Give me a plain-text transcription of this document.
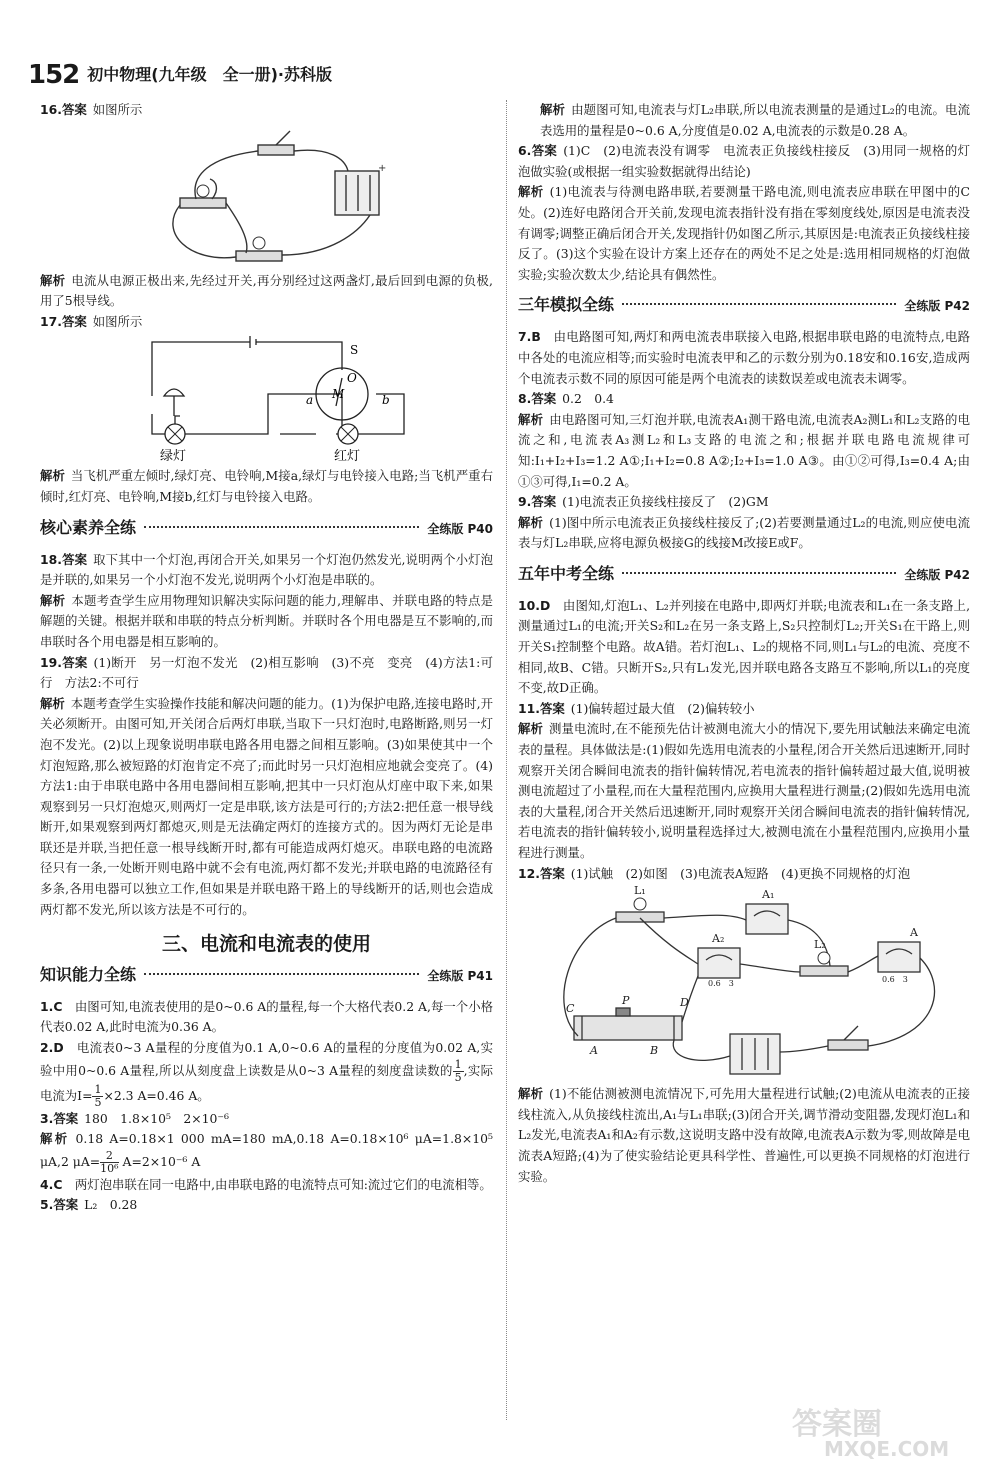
152 初中物理(九年级　全一册)·苏科版
16.答案 如图所示
+
解析 电流从电源正极出来,先经过开关,再分别经过这两盏灯,最后回到电源的负极,用了5根导线。
17.答案 如图所示
S
O
M
a	b
绿灯	红灯
解析 当飞机严重左倾时,绿灯亮、电铃响,M接a,绿灯与电铃接入电路;当飞机严重右倾时,红灯亮、电铃响,M接b,红灯与电铃接入电路。
核心素养全练	全练版 P40
18.答案 取下其中一个灯泡,再闭合开关,如果另一个灯泡仍然发光,说明两个小灯泡是并联的,如果另一个小灯泡不发光,说明两个小灯泡是串联的。
解析 本题考查学生应用物理知识解决实际问题的能力,理解串、并联电路的特点是解题的关键。根据并联和串联的特点分析判断。并联时各个用电器是互不影响的,而串联时各个用电器是相互影响的。
19.答案 (1)断开　另一灯泡不发光　(2)相互影响　(3)不亮　变亮　(4)方法1:可行　方法2:不可行
解析 本题考查学生实验操作技能和解决问题的能力。(1)为保护电路,连接电路时,开关必须断开。由图可知,开关闭合后两灯串联,当取下一只灯泡时,电路断路,则另一灯泡不发光。(2)以上现象说明串联电路各用电器之间相互影响。(3)如果使其中一个灯泡短路,那么被短路的灯泡肯定不亮了;而此时另一只灯泡相应地就会变亮了。(4)方法1:由于串联电路中各用电器间相互影响,把其中一只灯泡从灯座中取下来,如果观察到另一只灯泡熄灭,则两灯一定是串联,该方法是可行的;方法2:把任意一根导线断开,如果观察到两灯都熄灭,则是无法确定两灯的连接方式的。因为两灯无论是串联还是并联,当把任意一根导线断开时,都有可能造成两灯熄灭。串联电路的电流路径只有一条,一处断开则电路中就不会有电流,两灯都不发光;并联电路的电流路径有多条,各用电器可以独立工作,但如果是并联电路干路上的导线断开的话,则也会造成两灯都不发光,所以该方法是不可行的。
三、电流和电流表的使用
知识能力全练	全练版 P41
1.C　 由图可知,电流表使用的是0~0.6 A的量程,每一个大格代表0.2 A,每一个小格代表0.02 A,此时电流为0.36 A。
2.D　 电流表0~3 A量程的分度值为0.1 A,0~0.6 A的量程的分度值为0.02 A,实验中用0~0.6 A量程,所以从刻度盘上读数是从0~3 A量程的刻度盘读数的 $\frac{1}{5}$ ,实际电流为$I= \frac{1}{5} \times 2.3$ A=0.46 A。
3.答案 180　1.8×10⁵　2×10⁻⁶
解析 0.18 A=0.18×1 000 mA=180 mA,0.18 A=0.18×10⁶ μA=1.8×10⁵ μA,2 $\mu A= \frac{2}{\text{10⁶}} A=2\times 10^{-6}$ A
4.C　 两灯泡串联在同一电路中,由串联电路的电流特点可知:流过它们的电流相等。
5.答案 L₂　0.28
解析 由题图可知,电流表与灯L₂串联,所以电流表测量的是通过L₂的电流。电流表选用的量程是0~0.6 A,分度值是0.02 A,电流表的示数是0.28 A。
6.答案 (1)C　(2)电流表没有调零　电流表正负接线柱接反　(3)用同一规格的灯泡做实验(或根据一组实验数据就得出结论)
解析 (1)电流表与待测电路串联,若要测量干路电流,则电流表应串联在甲图中的C处。(2)连好电路闭合开关前,发现电流表指针没有指在零刻度线处,原因是电流表没有调零;调整正确后闭合开关,发现指针仍如图乙所示,其原因是:电流表正负接线柱接反了。(3)这个实验在设计方案上还存在的两处不足之处是:选用相同规格的灯泡做实验;实验次数太少,结论具有偶然性。
三年模拟全练	全练版 P42
7.B　 由电路图可知,两灯和两电流表串联接入电路,根据串联电路的电流特点,电路中各处的电流应相等;而实验时电流表甲和乙的示数分别为0.18安和0.16安,造成两个电流表示数不同的原因可能是两个电流表的读数误差或电流表未调零。
8.答案 0.2　0.4
解析 由电路图可知,三灯泡并联,电流表A₁测干路电流,电流表A₂测L₁和L₂支路的电流之和,电流表A₃测L₂和L₃支路的电流之和;根据并联电路电流规律可知:I₁+I₂+I₃=1.2 A①;I₁+I₂=0.8 A②;I₂+I₃=1.0 A③。由①②可得,I₃=0.4 A;由①③可得,I₁=0.2 A。
9.答案 (1)电流表正负接线柱接反了　(2)GM
解析 (1)图中所示电流表正负接线柱接反了;(2)若要测量通过L₂的电流,则应使电流表与灯L₂串联,应将电源负极接G的线接M改接E或F。
五年中考全练	全练版 P42
10.D　 由图知,灯泡L₁、L₂并列接在电路中,即两灯并联;电流表和L₁在一条支路上,测量通过L₁的电流;开关S₂和L₂在另一条支路上,S₂只控制灯L₂;开关S₁在干路上,则开关S₁控制整个电路。故A错。若灯泡L₁、L₂的规格不同,则L₁与L₂的电流、亮度不相同,故B、C错。只断开S₂,只有L₁发光,因并联电路各支路互不影响,所以L₁的亮度不变,故D正确。
11.答案 (1)偏转超过最大值　(2)偏转较小
解析 测量电流时,在不能预先估计被测电流大小的情况下,要先用试触法来确定电流表的量程。具体做法是:(1)假如先选用电流表的小量程,闭合开关然后迅速断开,同时观察开关闭合瞬间电流表的指针偏转情况,若电流表的指针偏转超过最大值,说明被测电流超过了小量程,而在大量程范围内,应换用大量程进行测量;(2)假如先选用电流表的大量程,闭合开关然后迅速断开,同时观察开关闭合瞬间电流表的指针偏转情况,若电流表的指针偏转较小,说明量程选择过大,被测电流在小量程范围内,应换用小量程进行测量。
12.答案 (1)试触　(2)如图　(3)电流表A短路　(4)更换不同规格的灯泡
L₁
L₂
A₁
A₂	A
0.6　3	0.6　3
C
P	D
A	B
解析 (1)不能估测被测电流情况下,可先用大量程进行试触;(2)电流从电流表的正接线柱流入,从负接线柱流出,A₁与L₁串联;(3)闭合开关,调节滑动变阻器,发现灯泡L₁和L₂发光,电流表A₁和A₂有示数,这说明支路中没有故障,电流表A示数为零,则故障是电流表A短路;(4)为了使实验结论更具科学性、普遍性,可以更换不同规格的灯泡进行实验。
答案圈
MXQE.COM
